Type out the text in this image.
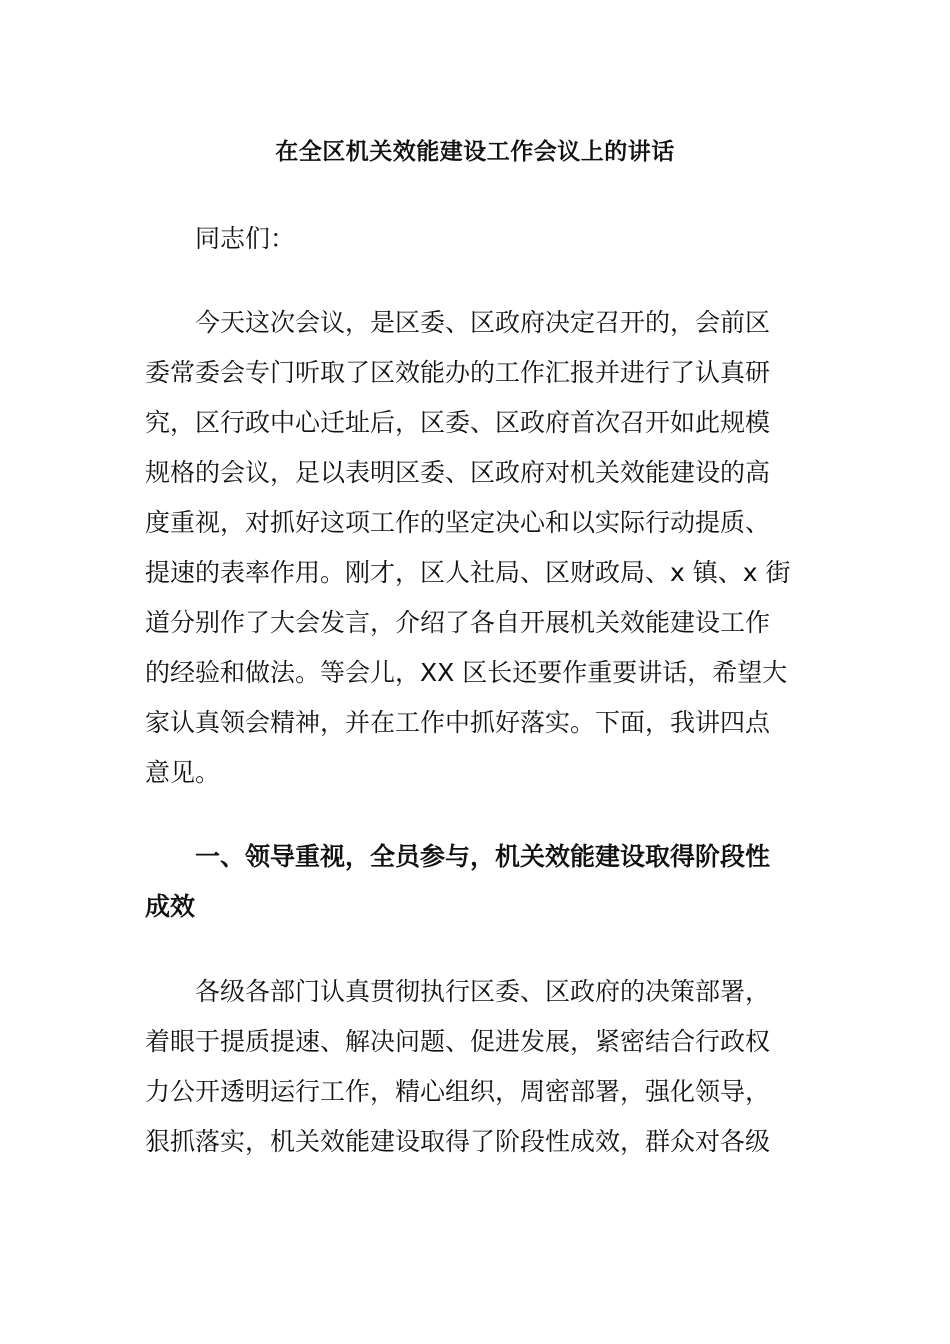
在全区机关效能建设工作会议上的讲话

同志们：

今天这次会议，是区委、区政府决定召开的，会前区

委常委会专门听取了区效能办的工作汇报并进行了认真研

究，区行政中心迁址后，区委、区政府首次召开如此规模

规格的会议，足以表明区委、区政府对机关效能建设的高

度重视，对抓好这项工作的坚定决心和以实际行动提质、

提速的表率作用。刚才，区人社局、区财政局、x 镇、x 街

道分别作了大会发言，介绍了各自开展机关效能建设工作

的经验和做法。等会儿，XX 区长还要作重要讲话，希望大

家认真领会精神，并在工作中抓好落实。下面，我讲四点

意见。

一、领导重视，全员参与，机关效能建设取得阶段性

成效

各级各部门认真贯彻执行区委、区政府的决策部署，

着眼于提质提速、解决问题、促进发展，紧密结合行政权

力公开透明运行工作，精心组织，周密部署，强化领导，

狠抓落实，机关效能建设取得了阶段性成效，群众对各级
